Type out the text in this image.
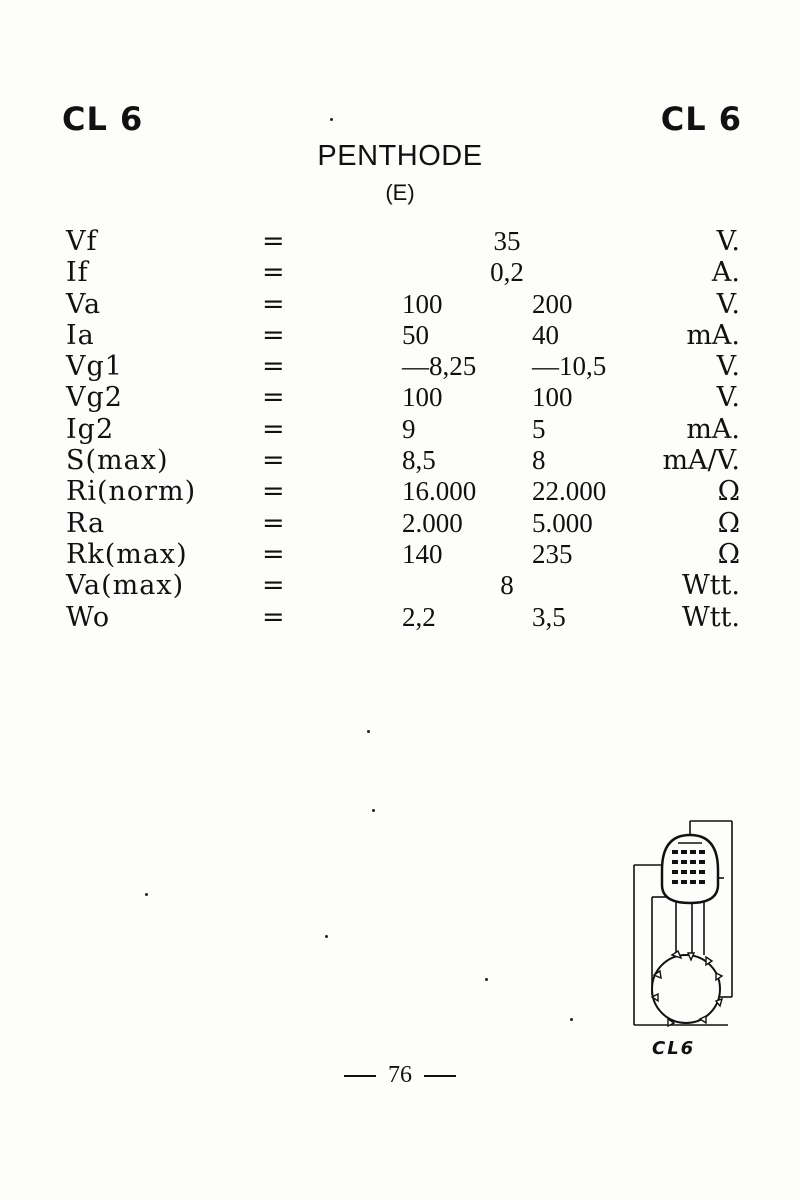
CL 6	CL 6
PENTHODE
(E)
Vf	=	35	V.
If	=	0,2	A.
Va	=	100	200	V.
Ia	=	50	40	mA.
Vg1	=	—8,25 —10,5	V.
Vg2	=	100	100	V.
Ig2	=	9	5	mA.
S(max)	=	8,5	8	mA/V.
Ri(norm) =	16.000 22.000	Ω
Ra	=	2.000	5.000	Ω
Rk(max)	=	140	235	Ω
Va(max)	=	8	Wtt.
Wo	=	2,2	3,5	Wtt.
CL6
76
